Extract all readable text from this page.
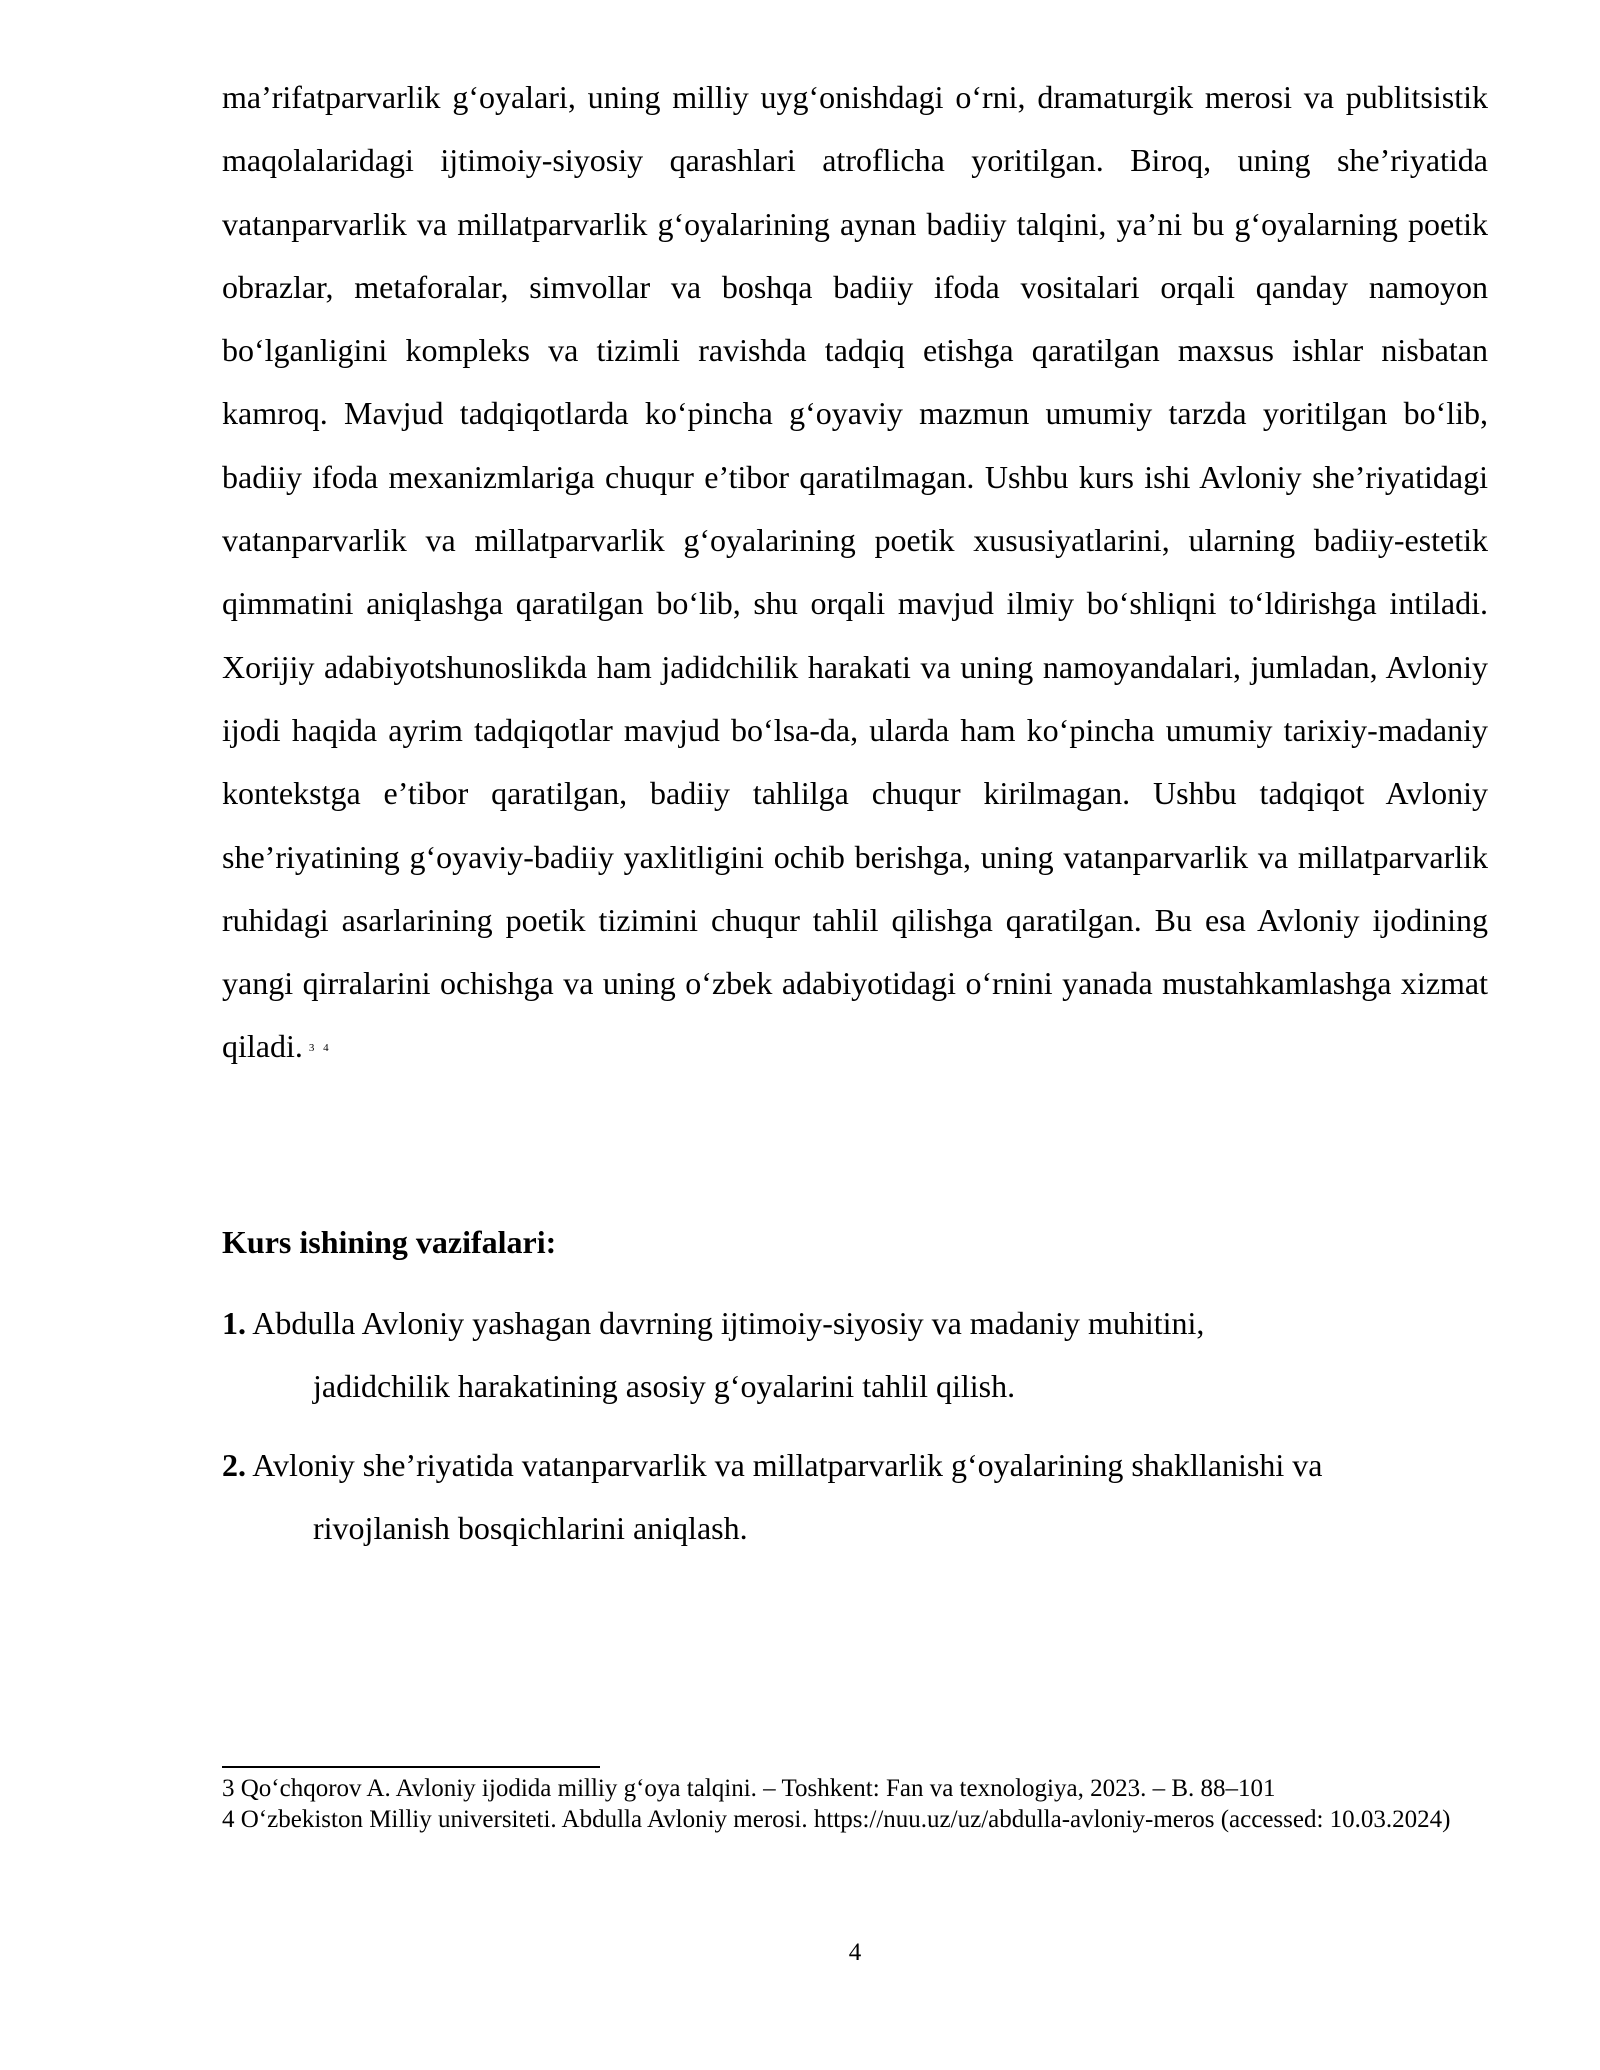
ma’rifatparvarlik g‘oyalari, uning milliy uyg‘onishdagi o‘rni, dramaturgik merosi va publitsistik maqolalaridagi ijtimoiy-siyosiy qarashlari atroflicha yoritilgan. Biroq, uning she’riyatida vatanparvarlik va millatparvarlik g‘oyalarining aynan badiiy talqini, ya’ni bu g‘oyalarning poetik obrazlar, metaforalar, simvollar va boshqa badiiy ifoda vositalari orqali qanday namoyon bo‘lganligini kompleks va tizimli ravishda tadqiq etishga qaratilgan maxsus ishlar nisbatan kamroq. Mavjud tadqiqotlarda ko‘pincha g‘oyaviy mazmun umumiy tarzda yoritilgan bo‘lib, badiiy ifoda mexanizmlariga chuqur e’tibor qaratilmagan. Ushbu kurs ishi Avloniy she’riyatidagi vatanparvarlik va millatparvarlik g‘oyalarining poetik xususiyatlarini, ularning badiiy-estetik qimmatini aniqlashga qaratilgan bo‘lib, shu orqali mavjud ilmiy bo‘shliqni to‘ldirishga intiladi. Xorijiy adabiyotshunoslikda ham jadidchilik harakati va uning namoyandalari, jumladan, Avloniy ijodi haqida ayrim tadqiqotlar mavjud bo‘lsa-da, ularda ham ko‘pincha umumiy tarixiy-madaniy kontekstga e’tibor qaratilgan, badiiy tahlilga chuqur kirilmagan. Ushbu tadqiqot Avloniy she’riyatining g‘oyaviy-badiiy yaxlitligini ochib berishga, uning vatanparvarlik va millatparvarlik ruhidagi asarlarining poetik tizimini chuqur tahlil qilishga qaratilgan. Bu esa Avloniy ijodining yangi qirralarini ochishga va uning o‘zbek adabiyotidagi o‘rnini yanada mustahkamlashga xizmat qiladi. $^{3 4}$

Kurs ishining vazifalari:
1. Abdulla Avloniy yashagan davrning ijtimoiy-siyosiy va madaniy muhitini,
jadidchilik harakatining asosiy g‘oyalarini tahlil qilish.
2. Avloniy she’riyatida vatanparvarlik va millatparvarlik g‘oyalarining shakllanishi va
rivojlanish bosqichlarini aniqlash.

3 Qo‘chqorov A. Avloniy ijodida milliy g‘oya talqini. – Toshkent: Fan va texnologiya, 2023. – B. 88–101

4 O‘zbekiston Milliy universiteti. Abdulla Avloniy merosi. https://nuu.uz/uz/abdulla-avloniy-meros (accessed: 10.03.2024)

4
